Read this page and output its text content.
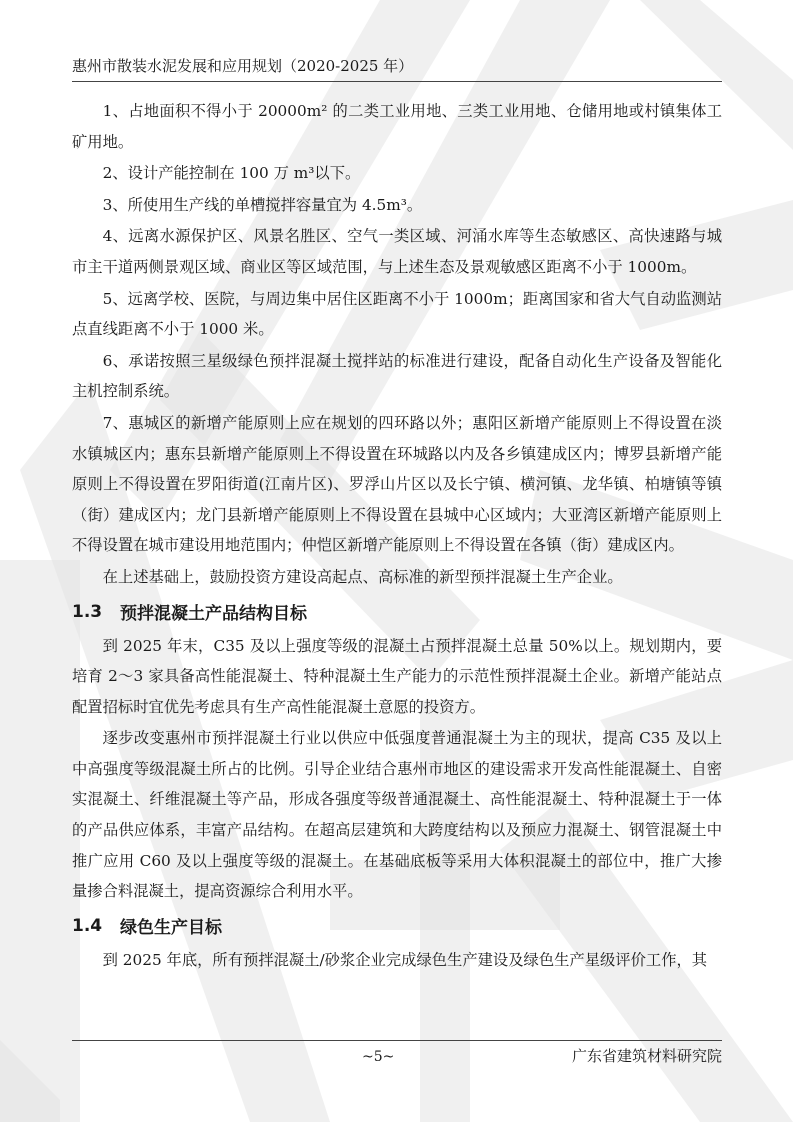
惠州市散装水泥发展和应用规划（2020-2025 年）

1、占地面积不得小于 20000m² 的二类工业用地、三类工业用地、仓储用地或村镇集体工矿用地。

2、设计产能控制在 100 万 m³以下。

3、所使用生产线的单槽搅拌容量宜为 4.5m³。

4、远离水源保护区、风景名胜区、空气一类区域、河涌水库等生态敏感区、高快速路与城市主干道两侧景观区域、商业区等区域范围，与上述生态及景观敏感区距离不小于 1000m。

5、远离学校、医院，与周边集中居住区距离不小于 1000m；距离国家和省大气自动监测站点直线距离不小于 1000 米。

6、承诺按照三星级绿色预拌混凝土搅拌站的标准进行建设，配备自动化生产设备及智能化主机控制系统。

7、惠城区的新增产能原则上应在规划的四环路以外；惠阳区新增产能原则上不得设置在淡水镇城区内；惠东县新增产能原则上不得设置在环城路以内及各乡镇建成区内；博罗县新增产能原则上不得设置在罗阳街道(江南片区)、罗浮山片区以及长宁镇、横河镇、龙华镇、柏塘镇等镇（街）建成区内；龙门县新增产能原则上不得设置在县城中心区域内；大亚湾区新增产能原则上不得设置在城市建设用地范围内；仲恺区新增产能原则上不得设置在各镇（街）建成区内。

在上述基础上，鼓励投资方建设高起点、高标准的新型预拌混凝土生产企业。

1.3	预拌混凝土产品结构目标

到 2025 年末，C35 及以上强度等级的混凝土占预拌混凝土总量 50%以上。规划期内，要培育 2～3 家具备高性能混凝土、特种混凝土生产能力的示范性预拌混凝土企业。新增产能站点配置招标时宜优先考虑具有生产高性能混凝土意愿的投资方。

逐步改变惠州市预拌混凝土行业以供应中低强度普通混凝土为主的现状，提高 C35 及以上中高强度等级混凝土所占的比例。引导企业结合惠州市地区的建设需求开发高性能混凝土、自密实混凝土、纤维混凝土等产品，形成各强度等级普通混凝土、高性能混凝土、特种混凝土于一体的产品供应体系，丰富产品结构。在超高层建筑和大跨度结构以及预应力混凝土、钢管混凝土中推广应用 C60 及以上强度等级的混凝土。在基础底板等采用大体积混凝土的部位中，推广大掺量掺合料混凝土，提高资源综合利用水平。

1.4	绿色生产目标

到 2025 年底，所有预拌混凝土/砂浆企业完成绿色生产建设及绿色生产星级评价工作，其

~5~	广东省建筑材料研究院
